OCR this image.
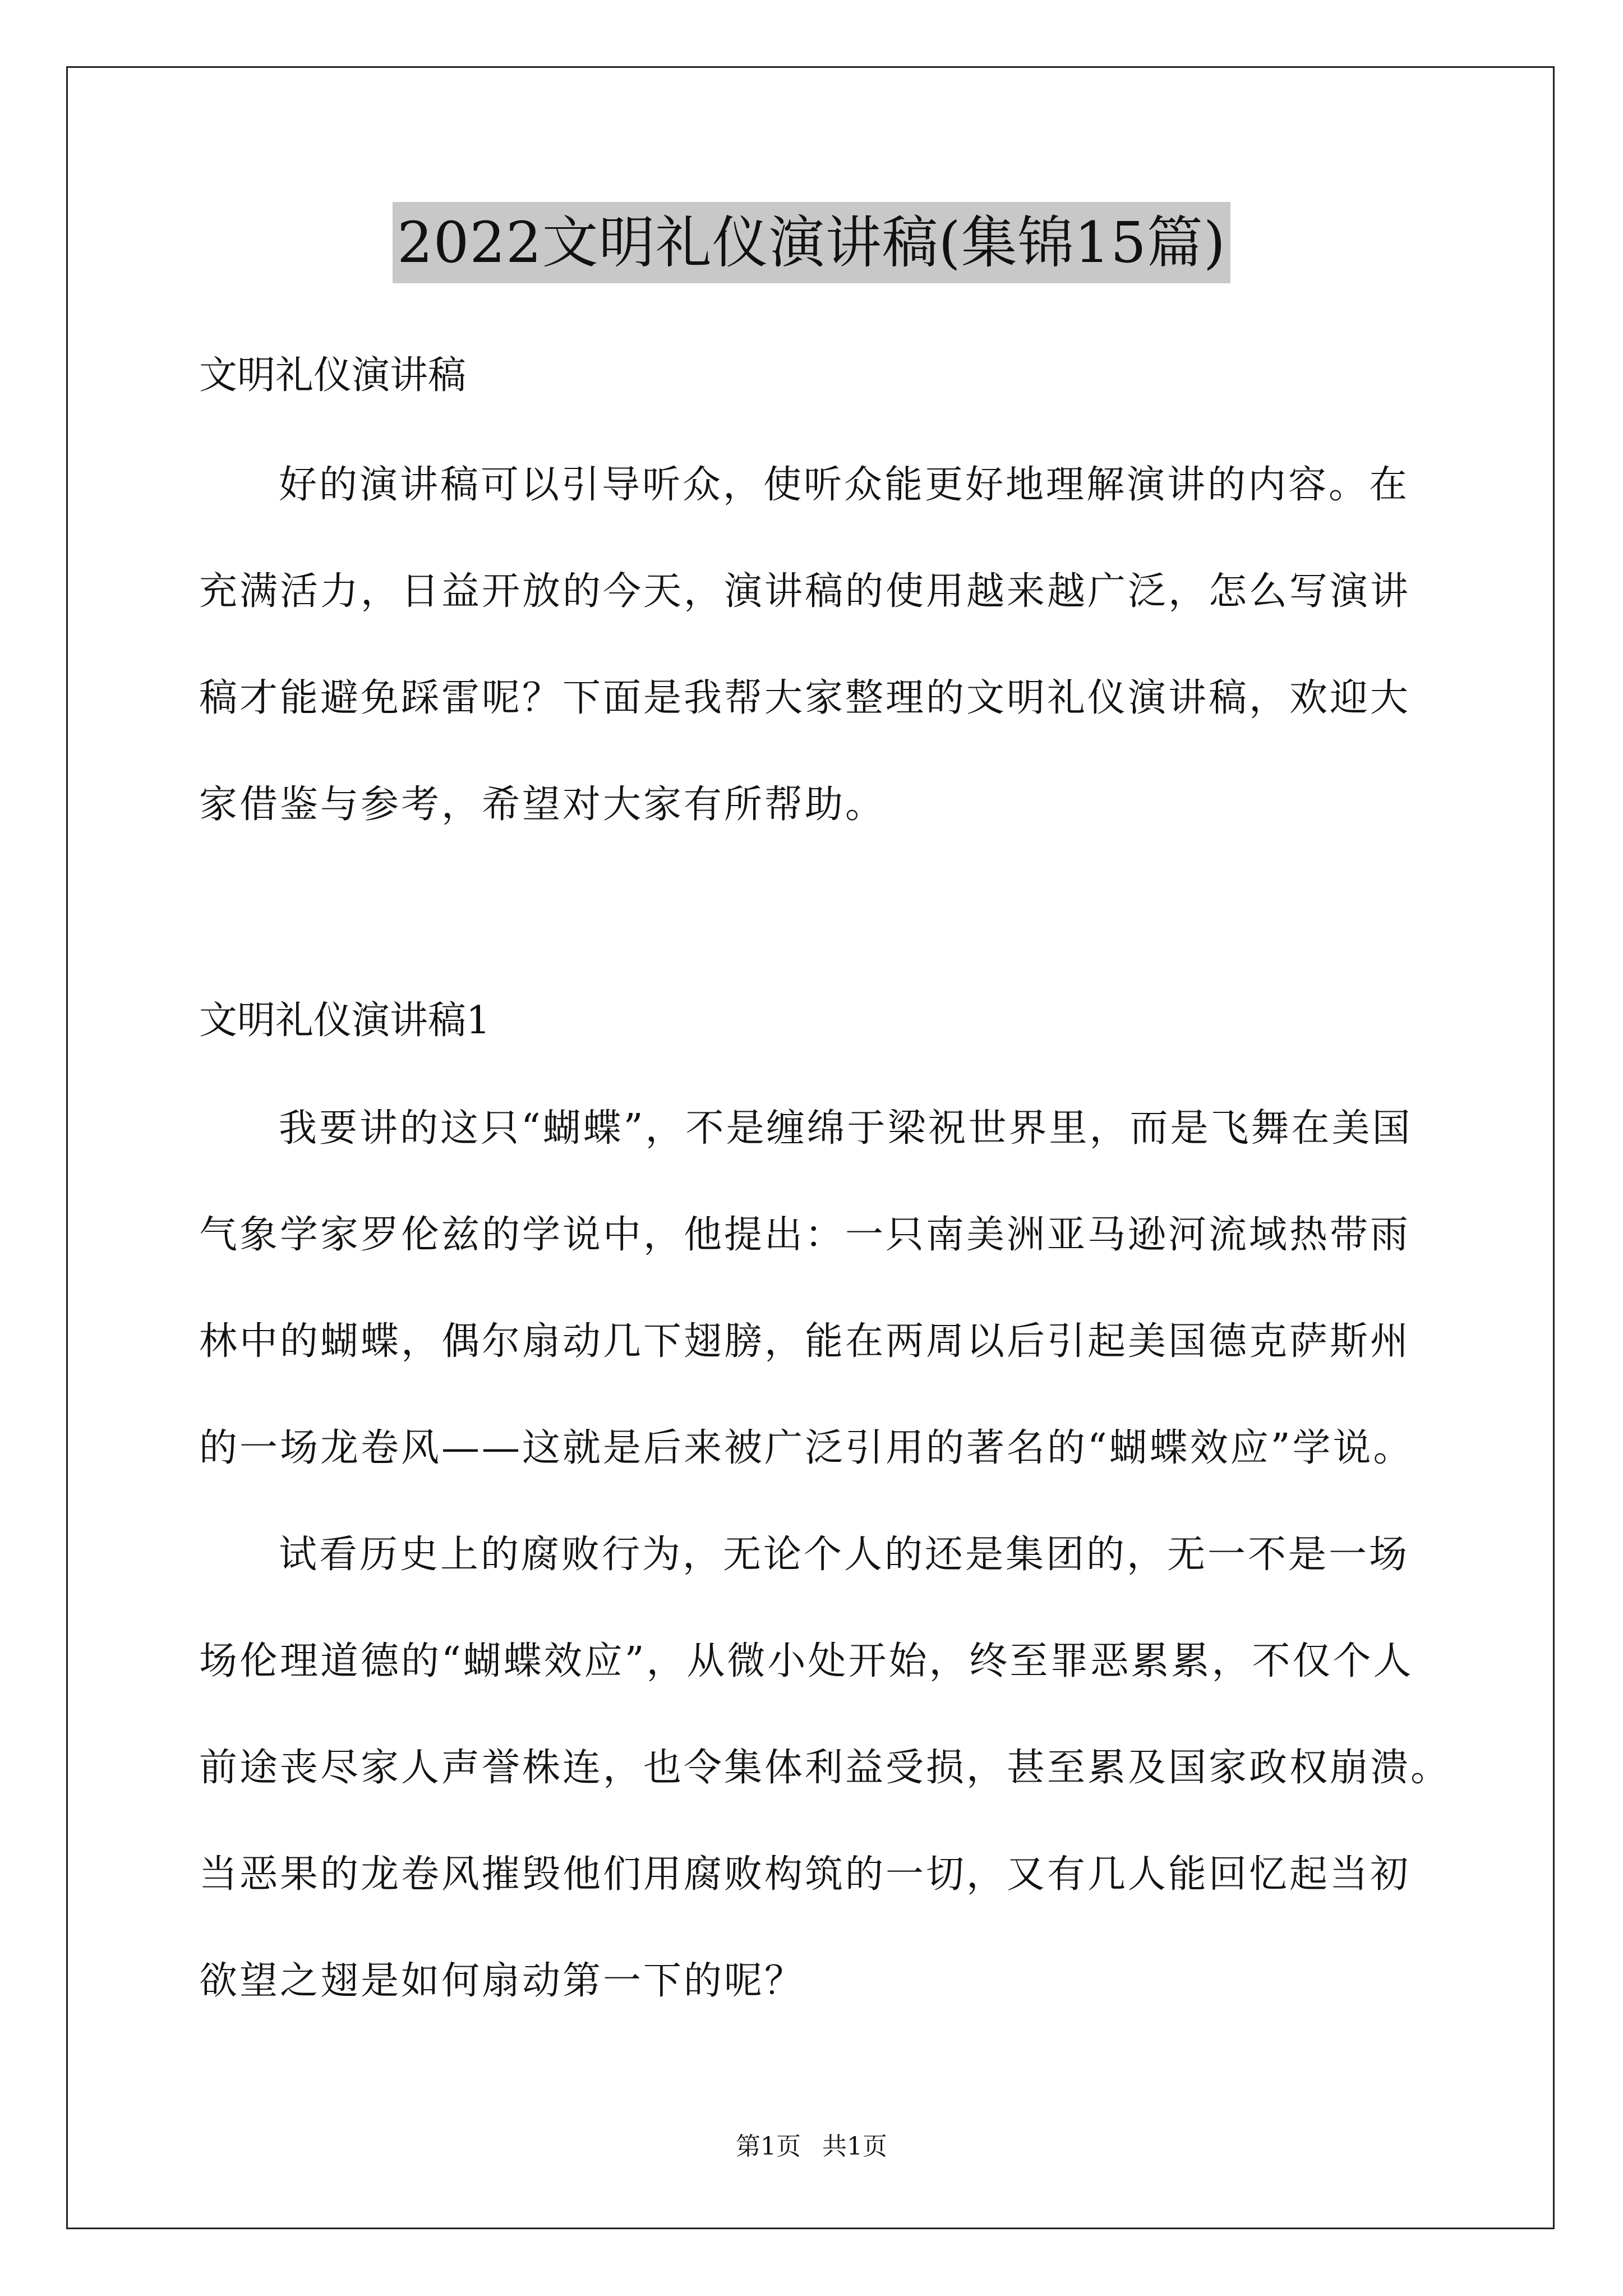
2022文明礼仪演讲稿(集锦15篇)
文明礼仪演讲稿
好的演讲稿可以引导听众，使听众能更好地理解演讲的内容。在
充满活力，日益开放的今天，演讲稿的使用越来越广泛，怎么写演讲
稿才能避免踩雷呢？下面是我帮大家整理的文明礼仪演讲稿，欢迎大
家借鉴与参考，希望对大家有所帮助。
文明礼仪演讲稿1
我要讲的这只“蝴蝶”，不是缠绵于梁祝世界里，而是飞舞在美国
气象学家罗伦兹的学说中，他提出：一只南美洲亚马逊河流域热带雨
林中的蝴蝶，偶尔扇动几下翅膀，能在两周以后引起美国德克萨斯州
的一场龙卷风——这就是后来被广泛引用的著名的“蝴蝶效应”学说。
试看历史上的腐败行为，无论个人的还是集团的，无一不是一场
场伦理道德的“蝴蝶效应”，从微小处开始，终至罪恶累累，不仅个人
前途丧尽家人声誉株连，也令集体利益受损，甚至累及国家政权崩溃。
当恶果的龙卷风摧毁他们用腐败构筑的一切，又有几人能回忆起当初
欲望之翅是如何扇动第一下的呢？
第1页 共1页
